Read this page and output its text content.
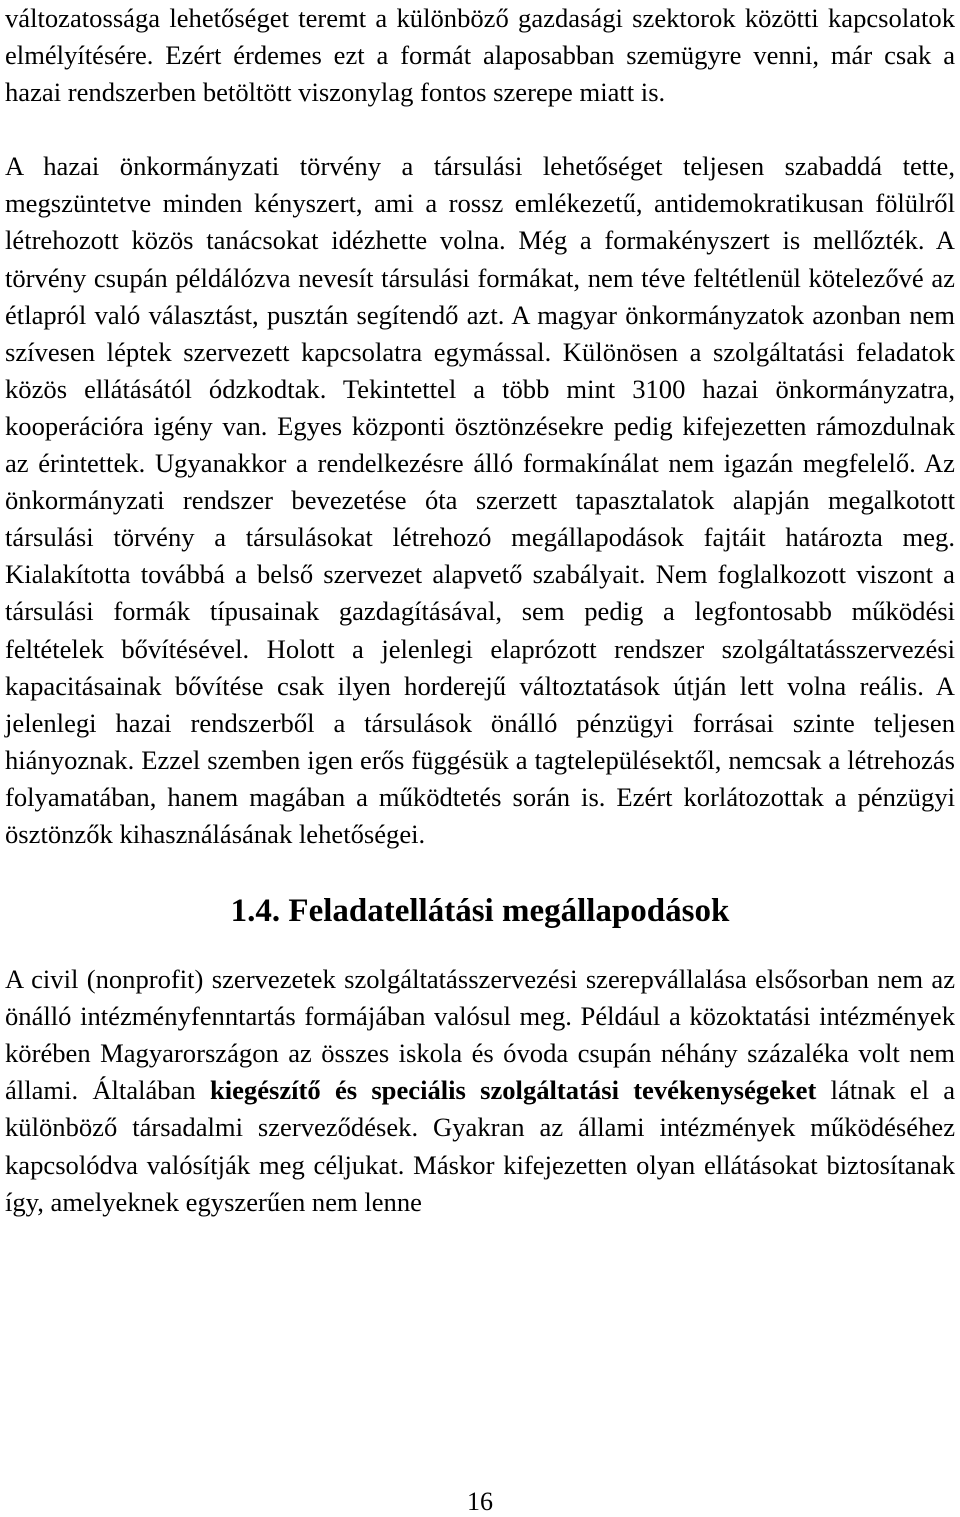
változatossága lehetőséget teremt a különböző gazdasági szektorok közötti kapcsolatok elmélyítésére. Ezért érdemes ezt a formát alaposabban szemügyre venni, már csak a hazai rendszerben betöltött viszonylag fontos szerepe miatt is.

A hazai önkormányzati törvény a társulási lehetőséget teljesen szabaddá tette, megszüntetve minden kényszert, ami a rossz emlékezetű, antidemokratikusan fölülről létrehozott közös tanácsokat idézhette volna. Még a formakényszert is mellőzték. A törvény csupán példálózva nevesít társulási formákat, nem téve feltétlenül kötelezővé az étlapról való választást, pusztán segítendő azt. A magyar önkormányzatok azonban nem szívesen léptek szervezett kapcsolatra egymással. Különösen a szolgáltatási feladatok közös ellátásától ódzkodtak. Tekintettel a több mint 3100 hazai önkormányzatra, kooperációra igény van. Egyes központi ösztönzésekre pedig kifejezetten rámozdulnak az érintettek. Ugyanakkor a rendelkezésre álló formakínálat nem igazán megfelelő. Az önkormányzati rendszer bevezetése óta szerzett tapasztalatok alapján megalkotott társulási törvény a társulásokat létrehozó megállapodások fajtáit határozta meg. Kialakította továbbá a belső szervezet alapvető szabályait. Nem foglalkozott viszont a társulási formák típusainak gazdagításával, sem pedig a legfontosabb működési feltételek bővítésével. Holott a jelenlegi elaprózott rendszer szolgáltatásszervezési kapacitásainak bővítése csak ilyen horderejű változtatások útján lett volna reális. A jelenlegi hazai rendszerből a társulások önálló pénzügyi forrásai szinte teljesen hiányoznak. Ezzel szemben igen erős függésük a tagtelepülésektől, nemcsak a létrehozás folyamatában, hanem magában a működtetés során is. Ezért korlátozottak a pénzügyi ösztönzők kihasználásának lehetőségei.

1.4. Feladatellátási megállapodások

A civil (nonprofit) szervezetek szolgáltatásszervezési szerepvállalása elsősorban nem az önálló intézményfenntartás formájában valósul meg. Például a közoktatási intézmények körében Magyarországon az összes iskola és óvoda csupán néhány százaléka volt nem állami. Általában kiegészítő és speciális szolgáltatási tevékenységeket látnak el a különböző társadalmi szerveződések. Gyakran az állami intézmények működéséhez kapcsolódva valósítják meg céljukat. Máskor kifejezetten olyan ellátásokat biztosítanak így, amelyeknek egyszerűen nem lenne

16
